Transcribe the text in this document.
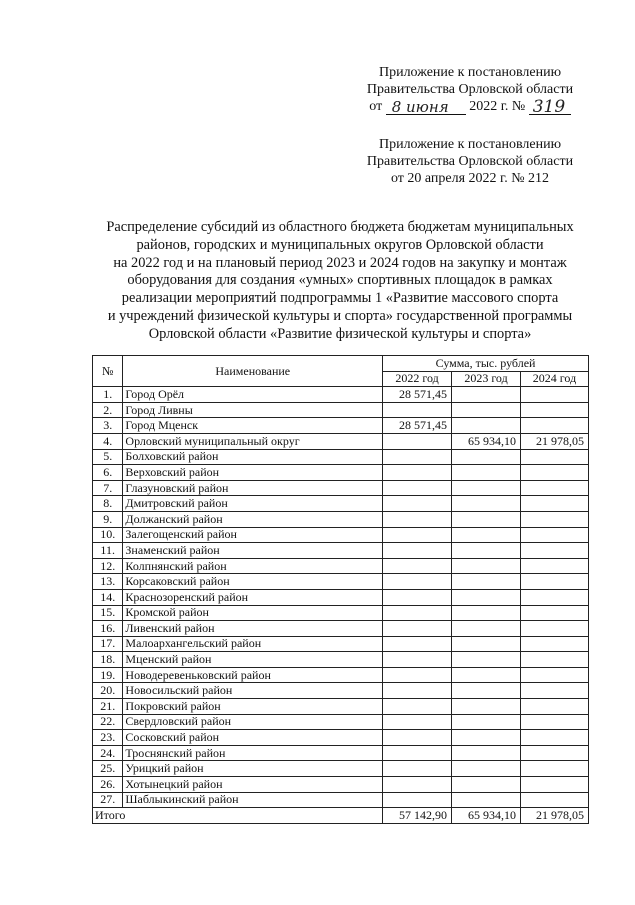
Приложение к постановлению
Правительства Орловской области
от 8 июня 2022 г. № 319
Приложение к постановлению
Правительства Орловской области
от 20 апреля 2022 г. № 212
Распределение субсидий из областного бюджета бюджетам муниципальных
районов, городских и муниципальных округов Орловской области
на 2022 год и на плановый период 2023 и 2024 годов на закупку и монтаж
оборудования для создания «умных» спортивных площадок в рамках
реализации мероприятий подпрограммы 1 «Развитие массового спорта
и учреждений физической культуры и спорта» государственной программы
Орловской области «Развитие физической культуры и спорта»
№	Наименование	Сумма, тыс. рублей		
		2022 год	2023 год	2024 год
1.	Город Орёл	28 571,45		
2.	Город Ливны			
3.	Город Мценск	28 571,45		
4.	Орловский муниципальный округ		65 934,10	21 978,05
5.	Болховский район			
6.	Верховский район			
7.	Глазуновский район			
8.	Дмитровский район			
9.	Должанский район			
10.	Залегощенский район			
11.	Знаменский район			
12.	Колпнянский район			
13.	Корсаковский район			
14.	Краснозоренский район			
15.	Кромской район			
16.	Ливенский район			
17.	Малоархангельский район			
18.	Мценский район			
19.	Новодеревеньковский район			
20.	Новосильский район			
21.	Покровский район			
22.	Свердловский район			
23.	Сосковский район			
24.	Троснянский район			
25.	Урицкий район			
26.	Хотынецкий район			
27.	Шаблыкинский район			
Итого		57 142,90	65 934,10	21 978,05
